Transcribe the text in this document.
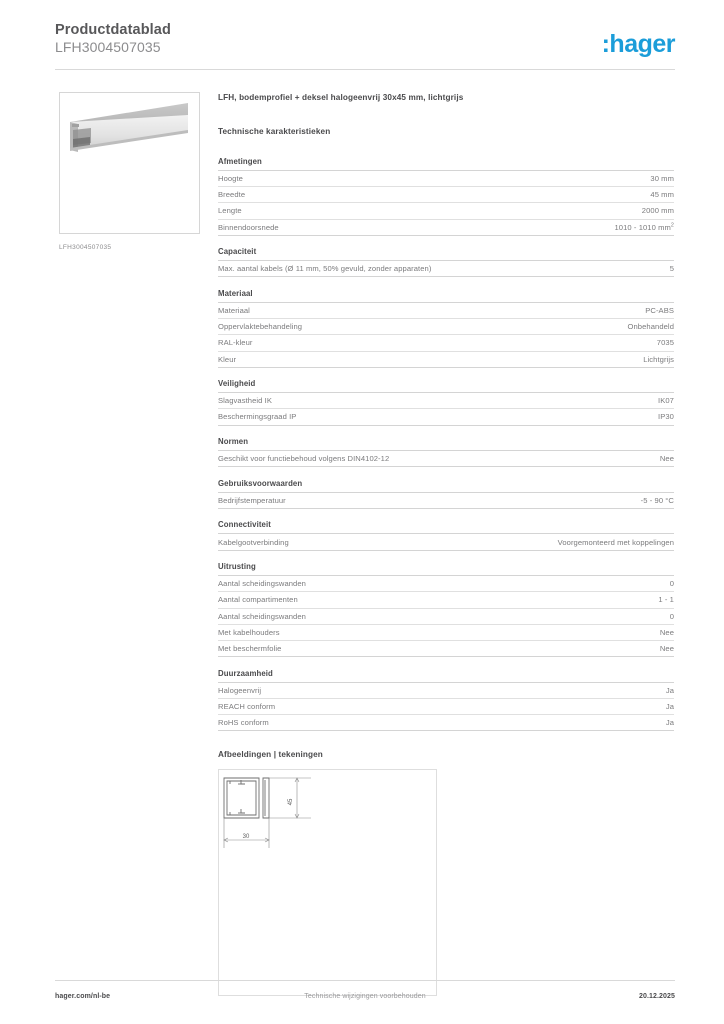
Productdatablad
LFH3004507035	:hager
LFH3004507035
LFH, bodemprofiel + deksel halogeenvrij 30x45 mm, lichtgrijs
Technische karakteristieken
Afmetingen
Hoogte	30 mm
Breedte	45 mm
Lengte	2000 mm
Binnendoorsnede	1010 - 1010 $mm^2$
Capaciteit
Max. aantal kabels (Ø 11 mm, 50% gevuld, zonder apparaten)	5
Materiaal
Materiaal	PC-ABS
Oppervlaktebehandeling	Onbehandeld
RAL-kleur	7035
Kleur	Lichtgrijs
Veiligheid
Slagvastheid IK	IK07
Beschermingsgraad IP	IP30
Normen
Geschikt voor functiebehoud volgens DIN4102-12	Nee
Gebruiksvoorwaarden
Bedrijfstemperatuur	-5 - 90 °C
Connectiviteit
Kabelgootverbinding	Voorgemonteerd met koppelingen
Uitrusting
Aantal scheidingswanden	0
Aantal compartimenten	1 - 1
Aantal scheidingswanden	0
Met kabelhouders	Nee
Met beschermfolie	Nee
Duurzaamheid
Halogeenvrij	Ja
REACH conform	Ja
RoHS conform	Ja
Afbeeldingen | tekeningen
45
30
hager.com/nl-be	Technische wijzigingen voorbehouden	20.12.2025
